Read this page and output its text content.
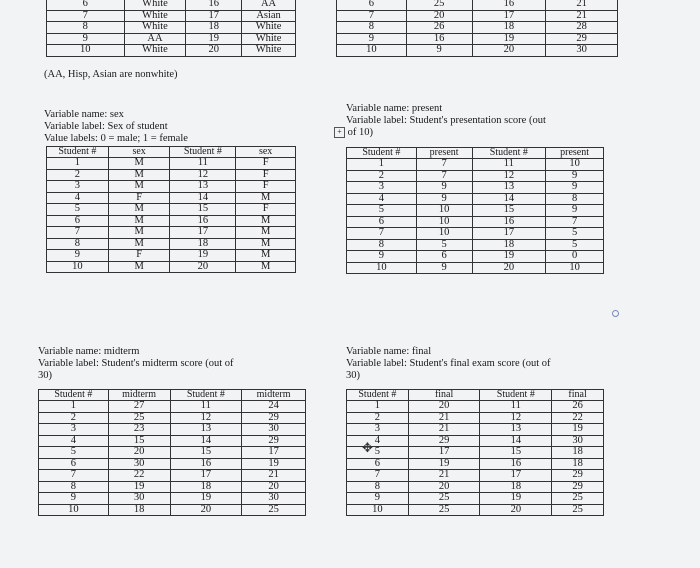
6	White	16	AA
7	White	17	Asian
8	White	18	White
9	AA	19	White
10	White	20	White
(AA, Hisp, Asian are nonwhite)
6	25	16	21
7	20	17	21
8	26	18	28
9	16	19	29
10	9	20	30
Variable name: sex
Variable label: Sex of student
Value labels: 0 = male; 1 = female
Student #	sex	Student #	sex
1	M	11	F
2	M	12	F
3	M	13	F
4	F	14	M
5	M	15	F
6	M	16	M
7	M	17	M
8	M	18	M
9	F	19	M
10	M	20	M
Variable name: present
Variable label: Student's presentation score (out
+ of 10)
Student #	present	Student #	present
1	7	11	10
2	7	12	9
3	9	13	9
4	9	14	8
5	10	15	9
6	10	16	7
7	10	17	5
8	5	18	5
9	6	19	0
10	9	20	10
Variable name: midterm
Variable label: Student's midterm score (out of
30)
Student #	midterm	Student #	midterm
1	27	11	24
2	25	12	29
3	23	13	30
4	15	14	29
5	20	15	17
6	30	16	19
7	22	17	21
8	19	18	20
9	30	19	30
10	18	20	25
Variable name: final
Variable label: Student's final exam score (out of
30)
Student #	final	Student #	final
1	20	11	26
2	21	12	22
3	21	13	19
4	29	14	30
5	17	15	18
6	19	16	18
7	21	17	29
8	20	18	29
9	25	19	25
10	25	20	25
✥
